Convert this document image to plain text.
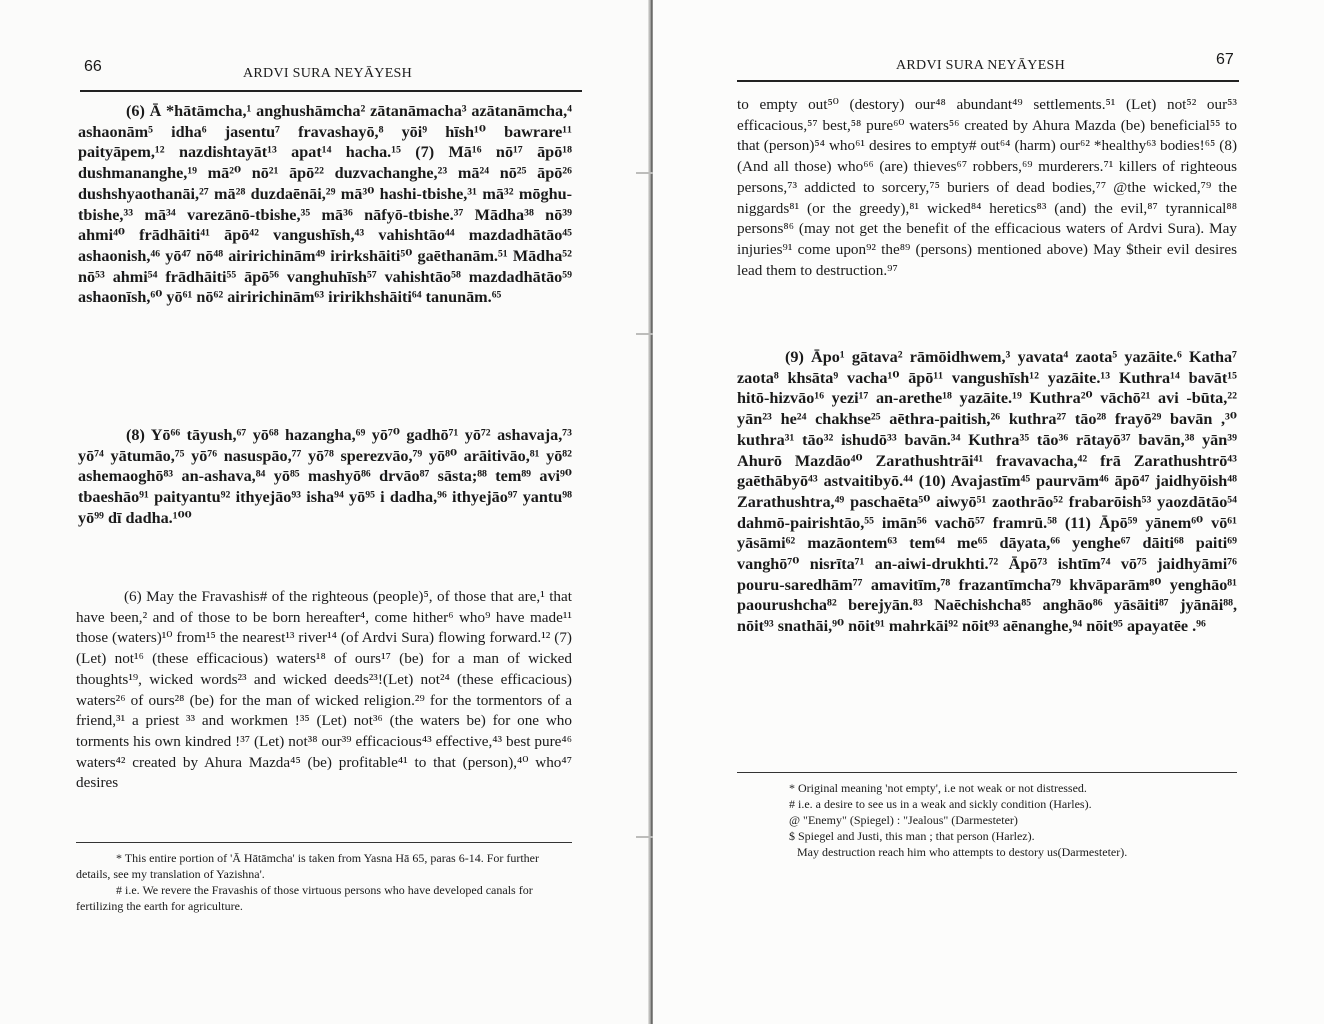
66	ARDVI SURA NEYĀYESH
(6) Ā *hātāmcha,¹ anghushāmcha² zātanāmacha³ azātanāmcha,⁴ ashaonām⁵ idha⁶ jasentu⁷ fravashayō,⁸ yōi⁹ hīsh¹⁰ bawrare¹¹ paityāpem,¹² nazdishtayāt¹³ apat¹⁴ hacha.¹⁵ (7) Mā¹⁶ nō¹⁷ āpō¹⁸ dushmananghe,¹⁹ mā²⁰ nō²¹ āpō²² duzvachanghe,²³ mā²⁴ nō²⁵ āpō²⁶ dushshyaothanāi,²⁷ mā²⁸ duzdaēnāi,²⁹ mā³⁰ hashi-tbishe,³¹ mā³² mōghu-tbishe,³³ mā³⁴ varezānō-tbishe,³⁵ mā³⁶ nāfyō-tbishe.³⁷ Mādha³⁸ nō³⁹ ahmi⁴⁰ frādhāiti⁴¹ āpō⁴² vangushīsh,⁴³ vahishtāo⁴⁴ mazdadhātāo⁴⁵ ashaonish,⁴⁶ yō⁴⁷ nō⁴⁸ airirichinām⁴⁹ irirkshāiti⁵⁰ gaēthanām.⁵¹ Mādha⁵² nō⁵³ ahmi⁵⁴ frādhāiti⁵⁵ āpō⁵⁶ vanghuhīsh⁵⁷ vahishtāo⁵⁸ mazdadhātāo⁵⁹ ashaonīsh,⁶⁰ yō⁶¹ nō⁶² airirichinām⁶³ iririkhshāiti⁶⁴ tanunām.⁶⁵
(8) Yō⁶⁶ tāyush,⁶⁷ yō⁶⁸ hazangha,⁶⁹ yō⁷⁰ gadhō⁷¹ yō⁷² ashavaja,⁷³ yō⁷⁴ yātumāo,⁷⁵ yō⁷⁶ nasuspāo,⁷⁷ yō⁷⁸ sperezvāo,⁷⁹ yō⁸⁰ arāitivāo,⁸¹ yō⁸² ashemaoghō⁸³ an-ashava,⁸⁴ yō⁸⁵ mashyō⁸⁶ drvāo⁸⁷ sāsta;⁸⁸ tem⁸⁹ avi⁹⁰ tbaeshāo⁹¹ paityantu⁹² ithyejāo⁹³ isha⁹⁴ yō⁹⁵ i dadha,⁹⁶ ithyejāo⁹⁷ yantu⁹⁸ yō⁹⁹ dī dadha.¹⁰⁰
(6) May the Fravashis# of the righteous (people)⁵, of those that are,¹ that have been,² and of those to be born hereafter⁴, come hither⁶ who⁹ have made¹¹ those (waters)¹⁰ from¹⁵ the nearest¹³ river¹⁴ (of Ardvi Sura) flowing forward.¹² (7) (Let) not¹⁶ (these efficacious) waters¹⁸ of ours¹⁷ (be) for a man of wicked thoughts¹⁹, wicked words²³ and wicked deeds²³!(Let) not²⁴ (these efficacious) waters²⁶ of ours²⁸ (be) for the man of wicked religion.²⁹ for the tormentors of a friend,³¹ a priest ³³ and workmen !³⁵ (Let) not³⁶ (the waters be) for one who torments his own kindred !³⁷ (Let) not³⁸ our³⁹ efficacious⁴³ effective,⁴³ best pure⁴⁶ waters⁴² created by Ahura Mazda⁴⁵ (be) profitable⁴¹ to that (person),⁴⁰ who⁴⁷ desires

* This entire portion of 'Ā Hātāmcha' is taken from Yasna Hā 65, paras 6-14. For further details, see my translation of Yazishna'.

# i.e. We revere the Fravashis of those virtuous persons who have developed canals for fertilizing the earth for agriculture.

ARDVI SURA NEYĀYESH	67
to empty out⁵⁰ (destory) our⁴⁸ abundant⁴⁹ settlements.⁵¹ (Let) not⁵² our⁵³ efficacious,⁵⁷ best,⁵⁸ pure⁶⁰ waters⁵⁶ created by Ahura Mazda (be) beneficial⁵⁵ to that (person)⁵⁴ who⁶¹ desires to empty# out⁶⁴ (harm) our⁶² *healthy⁶³ bodies!⁶⁵ (8) (And all those) who⁶⁶ (are) thieves⁶⁷ robbers,⁶⁹ murderers.⁷¹ killers of righteous persons,⁷³ addicted to sorcery,⁷⁵ buriers of dead bodies,⁷⁷ @the wicked,⁷⁹ the niggards⁸¹ (or the greedy),⁸¹ wicked⁸⁴ heretics⁸³ (and) the evil,⁸⁷ tyrannical⁸⁸ persons⁸⁶ (may not get the benefit of the efficacious waters of Ardvi Sura). May injuries⁹¹ come upon⁹² the⁸⁹ (persons) mentioned above) May $their evil desires lead them to destruction.⁹⁷
(9) Āpo¹ gātava² rāmōidhwem,³ yavata⁴ zaota⁵ yazāite.⁶ Katha⁷ zaota⁸ khsāta⁹ vacha¹⁰ āpō¹¹ vangushīsh¹² yazāite.¹³ Kuthra¹⁴ bavāt¹⁵ hitō-hizvāo¹⁶ yezi¹⁷ an-arethe¹⁸ yazāite.¹⁹ Kuthra²⁰ vāchō²¹ avi -būta,²² yān²³ he²⁴ chakhse²⁵ aēthra-paitish,²⁶ kuthra²⁷ tāo²⁸ frayō²⁹ bavān ,³⁰ kuthra³¹ tāo³² ishudō³³ bavān.³⁴ Kuthra³⁵ tāo³⁶ rātayō³⁷ bavān,³⁸ yān³⁹ Ahurō Mazdāo⁴⁰ Zarathushtrāi⁴¹ fravavacha,⁴² frā Zarathushtrō⁴³ gaēthābyō⁴³ astvaitibyō.⁴⁴ (10) Avajastīm⁴⁵ paurvām⁴⁶ āpō⁴⁷ jaidhyōish⁴⁸ Zarathushtra,⁴⁹ paschaēta⁵⁰ aiwyō⁵¹ zaothrāo⁵² frabarōish⁵³ yaozdātāo⁵⁴ dahmō-pairishtāo,⁵⁵ imān⁵⁶ vachō⁵⁷ framrū.⁵⁸ (11) Āpō⁵⁹ yānem⁶⁰ vō⁶¹ yāsāmi⁶² mazāontem⁶³ tem⁶⁴ me⁶⁵ dāyata,⁶⁶ yenghe⁶⁷ dāiti⁶⁸ paiti⁶⁹ vanghō⁷⁰ nisrīta⁷¹ an-aiwi-drukhti.⁷² Āpō⁷³ ishtīm⁷⁴ vō⁷⁵ jaidhyāmi⁷⁶ pouru-saredhām⁷⁷ amavitīm,⁷⁸ frazantīmcha⁷⁹ khvāparām⁸⁰ yenghāo⁸¹ paourushcha⁸² berejyān.⁸³ Naēchishcha⁸⁵ anghāo⁸⁶ yāsāiti⁸⁷ jyānāi⁸⁸, nōit⁹³ snathāi,⁹⁰ nōit⁹¹ mahrkāi⁹² nōit⁹³ aēnanghe,⁹⁴ nōit⁹⁵ apayatēe .⁹⁶

* Original meaning 'not empty', i.e not weak or not distressed.

# i.e. a desire to see us in a weak and sickly condition (Harles).

@ "Enemy" (Spiegel) : "Jealous" (Darmesteter)

$ Spiegel and Justi, this man ; that person (Harlez).

May destruction reach him who attempts to destory us(Darmesteter).
